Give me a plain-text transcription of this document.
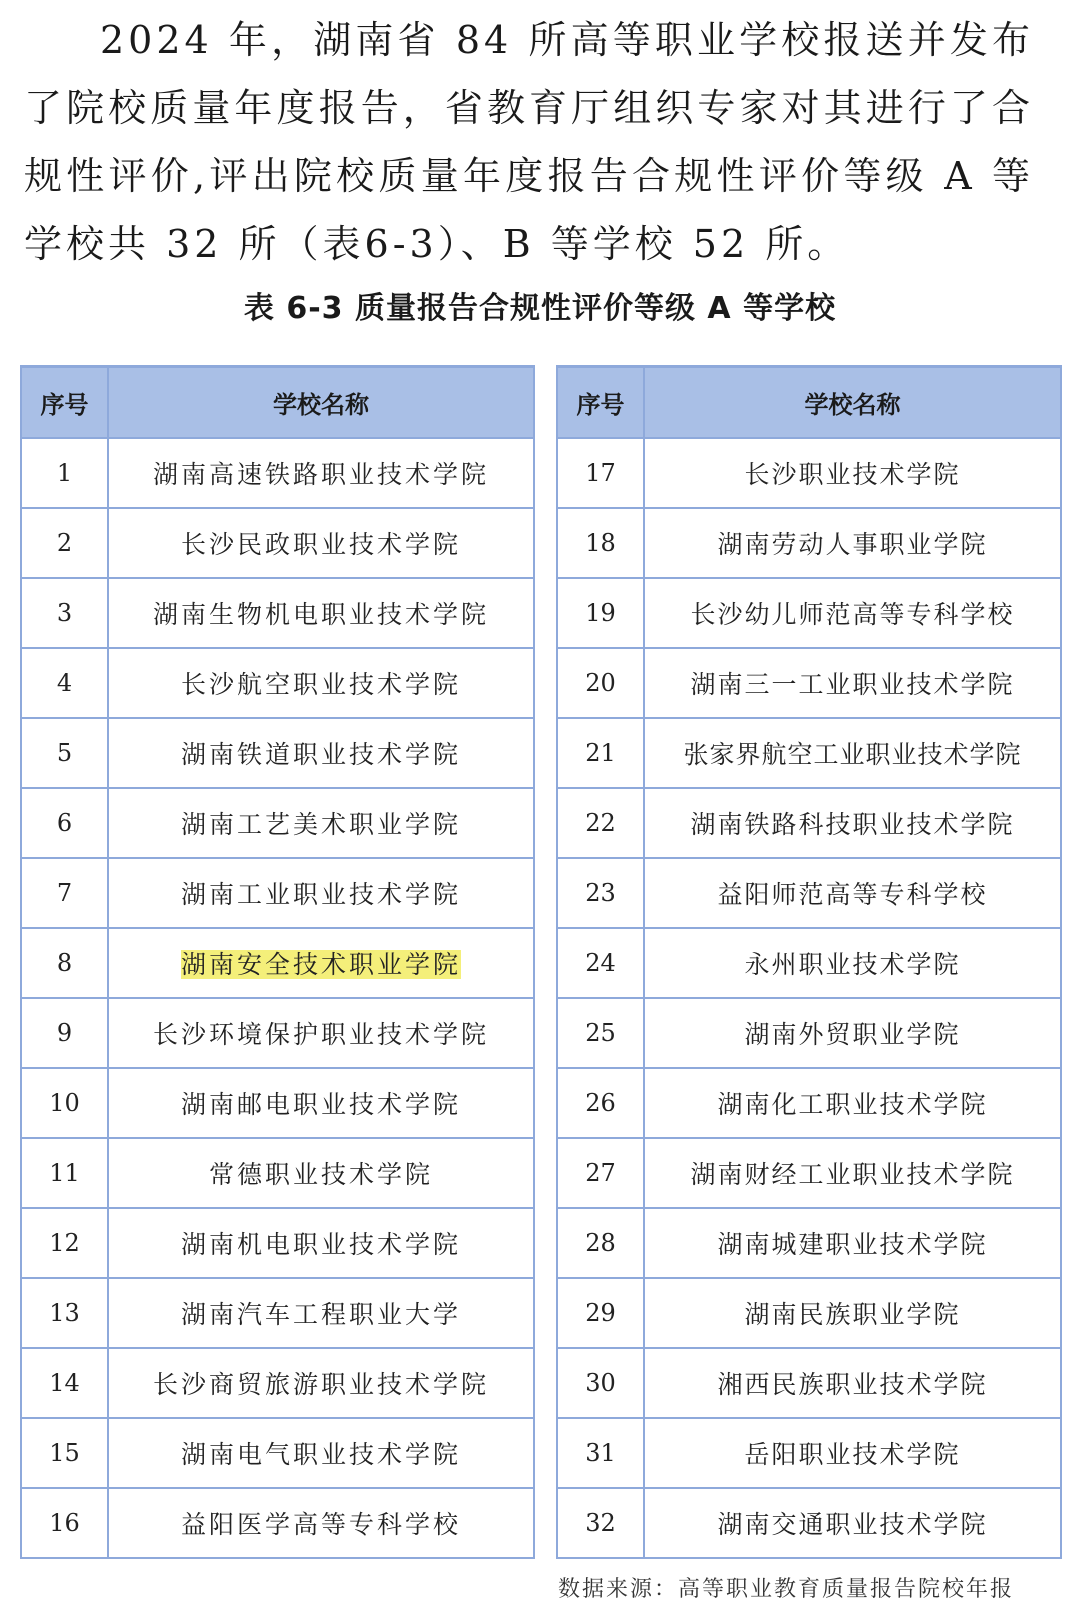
2024 年，湖南省 84 所高等职业学校报送并发布了院校质量年度报告，省教育厅组织专家对其进行了合规性评价,评出院校质量年度报告合规性评价等级 A 等学校共 32 所（表6-3）、B 等学校 52 所。

表 6-3 质量报告合规性评价等级 A 等学校
序号	学校名称
1	湖南高速铁路职业技术学院
2	长沙民政职业技术学院
3	湖南生物机电职业技术学院
4	长沙航空职业技术学院
5	湖南铁道职业技术学院
6	湖南工艺美术职业学院
7	湖南工业职业技术学院
8	湖南安全技术职业学院
9	长沙环境保护职业技术学院
10	湖南邮电职业技术学院
11	常德职业技术学院
12	湖南机电职业技术学院
13	湖南汽车工程职业大学
14	长沙商贸旅游职业技术学院
15	湖南电气职业技术学院
16	益阳医学高等专科学校
序号	学校名称
17	长沙职业技术学院
18	湖南劳动人事职业学院
19	长沙幼儿师范高等专科学校
20	湖南三一工业职业技术学院
21	张家界航空工业职业技术学院
22	湖南铁路科技职业技术学院
23	益阳师范高等专科学校
24	永州职业技术学院
25	湖南外贸职业学院
26	湖南化工职业技术学院
27	湖南财经工业职业技术学院
28	湖南城建职业技术学院
29	湖南民族职业学院
30	湘西民族职业技术学院
31	岳阳职业技术学院
32	湖南交通职业技术学院
数据来源：高等职业教育质量报告院校年报
